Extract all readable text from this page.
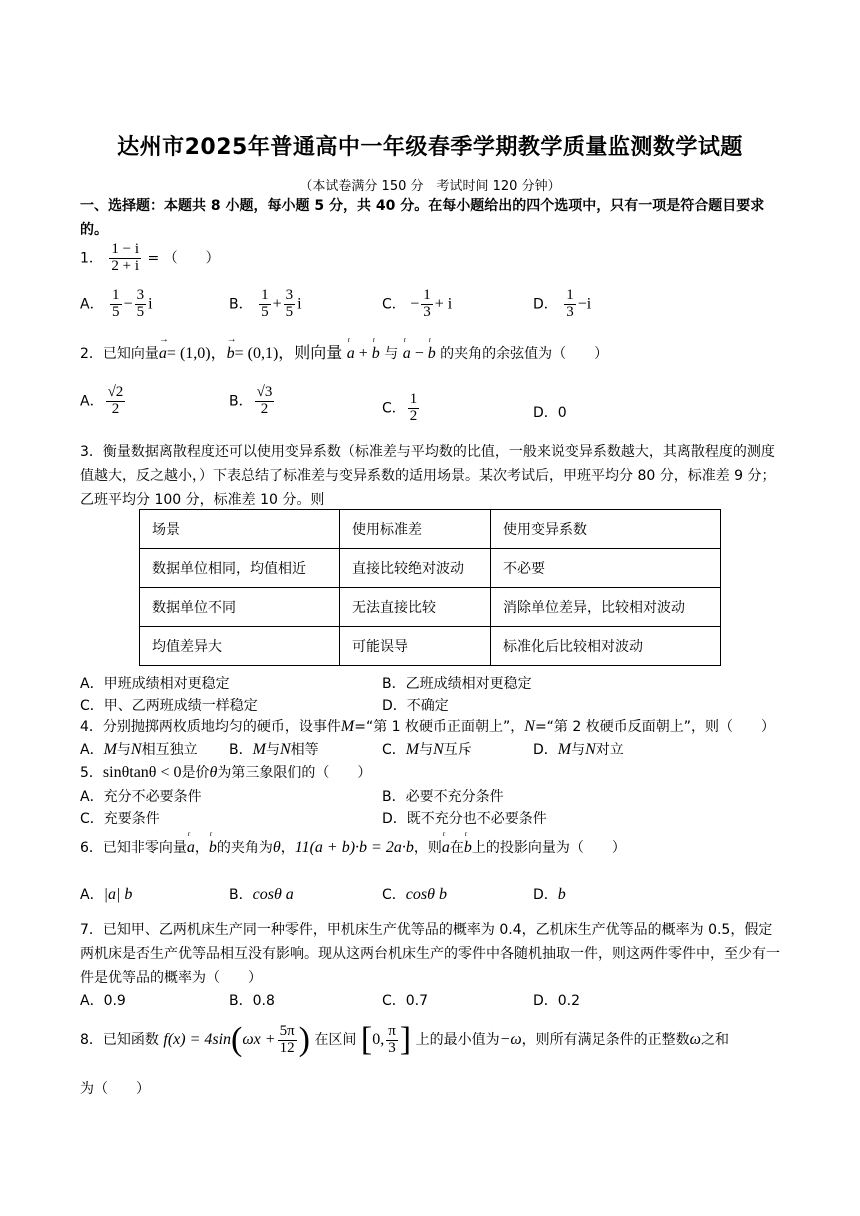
达州市2025年普通高中一年级春季学期教学质量监测数学试题
（本试卷满分 150 分　考试时间 120 分钟）
一、选择题：本题共 8 小题，每小题 5 分，共 40 分。在每小题给出的四个选项中，只有一项是符合题目要求的。
1． $\frac{1 - i}{2 + i}$ = （　　）
A． $\frac{1}{5} - \frac{3}{5}$ i	B． $\frac{1}{5} + \frac{3}{5}$ i	C． − $\frac{1}{3} + i$	D． $\frac{1}{3} -i$
2．已知向量→ a= (1,0)，→ b= (0,1)，则向量 r a + r b 与 r a − r b 的夹角的余弦值为（　　）
A． $\frac{√2}{2}$	B． $\frac{√3}{2}$	C． $\frac{1}{2}$	D．0
3．衡量数据离散程度还可以使用变异系数（标准差与平均数的比值，一般来说变异系数越大，其离散程度的测度值越大，反之越小，）下表总结了标准差与变异系数的适用场景。某次考试后，甲班平均分 80 分，标准差 9 分；乙班平均分 100 分，标准差 10 分。则
场景	使用标准差	使用变异系数
数据单位相同，均值相近	直接比较绝对波动	不必要
数据单位不同	无法直接比较	消除单位差异，比较相对波动
均值差异大	可能误导	标准化后比较相对波动
A．甲班成绩相对更稳定	B．乙班成绩相对更稳定
C．甲、乙两班成绩一样稳定	D．不确定
4．分别抛掷两枚质地均匀的硬币，设事件M=“第 1 枚硬币正面朝上”，N=“第 2 枚硬币反面朝上”，则（　　）
A．M与N相互独立 B．M与N相等	C．M与N互斥	D．M与N对立
5．sinθtanθ < 0是价θ为第三象限们的（　　）
A．充分不必要条件	B．必要不充分条件
C．充要条件	D．既不充分也不必要条件
6．已知非零向量r a，r b的夹角为θ，11(a + b)·b = 2a·b，则r a在r b上的投影向量为（　　）
A．|a| b	B．cosθ a	C．cosθ b	D．b
7．已知甲、乙两机床生产同一种零件，甲机床生产优等品的概率为 0.4，乙机床生产优等品的概率为 0.5，假定两机床是否生产优等品相互没有影响。现从这两台机床生产的零件中各随机抽取一件，则这两件零件中，至少有一件是优等品的概率为（　　）
A．0.9	B．0.8	C．0.7	D．0.2
8．已知函数 $f(x) = 4\sin(\omega x + \frac{5\pi}{12}$ ) 在区间 [0, $\frac{\pi}{3}$ ] 上的最小值为−ω，则所有满足条件的正整数ω之和
为（　　）
